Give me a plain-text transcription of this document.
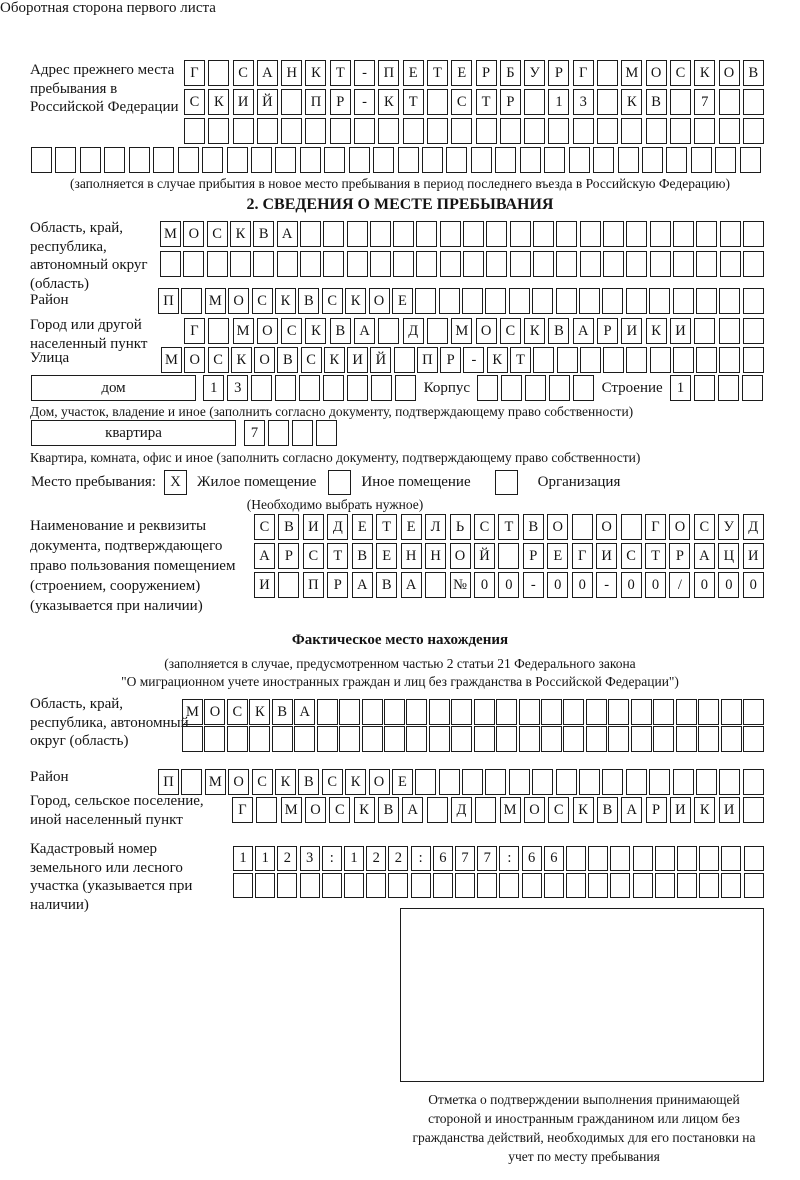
Оборотная сторона первого листа
Адрес прежнего места пребывания в Российской Федерации
Г	С А Н К	Т	-	П	Е	Т	Е	Р	Б	У	Р	Г	М О С	К О В
С	К И Й	П	Р	-	К	Т	С	Т	Р	1	3	К	В	7
(заполняется в случае прибытия в новое место пребывания в период последнего въезда в Российскую Федерацию)
2. СВЕДЕНИЯ О МЕСТЕ ПРЕБЫВАНИЯ
Область, край, республика, автономный округ (область)
М О С К В А
Район	П	М О С К В С К О Е
Город или другой населенный пункт
Г	М О С	К	В А	Д	М О С	К	В А	Р	И К И
Улица	М О С К О В С К И Й	П Р	-	К Т
дом	1	3	Корпус	Строение 1
Дом, участок, владение и иное (заполнить согласно документу, подтверждающему право собственности)
квартира	7
Квартира, комната, офис и иное (заполнить согласно документу, подтверждающему право собственности)
Место пребывания: X	Жилое помещение	Иное помещение	Организация
(Необходимо выбрать нужное)
Наименование и реквизиты документа, подтверждающего право пользования помещением (строением, сооружением) (указывается при наличии)
С	В И Д	Е	Т	Е	Л	Ь	С	Т	В О	О	Г	О С У Д
А	Р	С	Т	В	Е	Н Н О Й	Р	Е	Г	И С	Т	Р	А Ц И
И	П	Р	А В А	№ 0	0	-	0	0	-	0	0	/	0	0	0
Фактическое место нахождения
(заполняется в случае, предусмотренном частью 2 статьи 21 Федерального закона
"О миграционном учете иностранных граждан и лиц без гражданства в Российской Федерации")
Область, край, республика, автономный округ (область)
М О С К В А
Район	П	М О С К В С К О Е
Город, сельское поселение, иной населенный пункт
Г	М О С	К	В А	Д	М О С	К	В А	Р	И К И
Кадастровый номер земельного или лесного участка (указывается при наличии)
1	1	2	3	:	1	2	2	:	6	7	7	:	6	6
Отметка о подтверждении выполнения принимающей стороной и иностранным гражданином или лицом без гражданства действий, необходимых для его постановки на учет по месту пребывания
